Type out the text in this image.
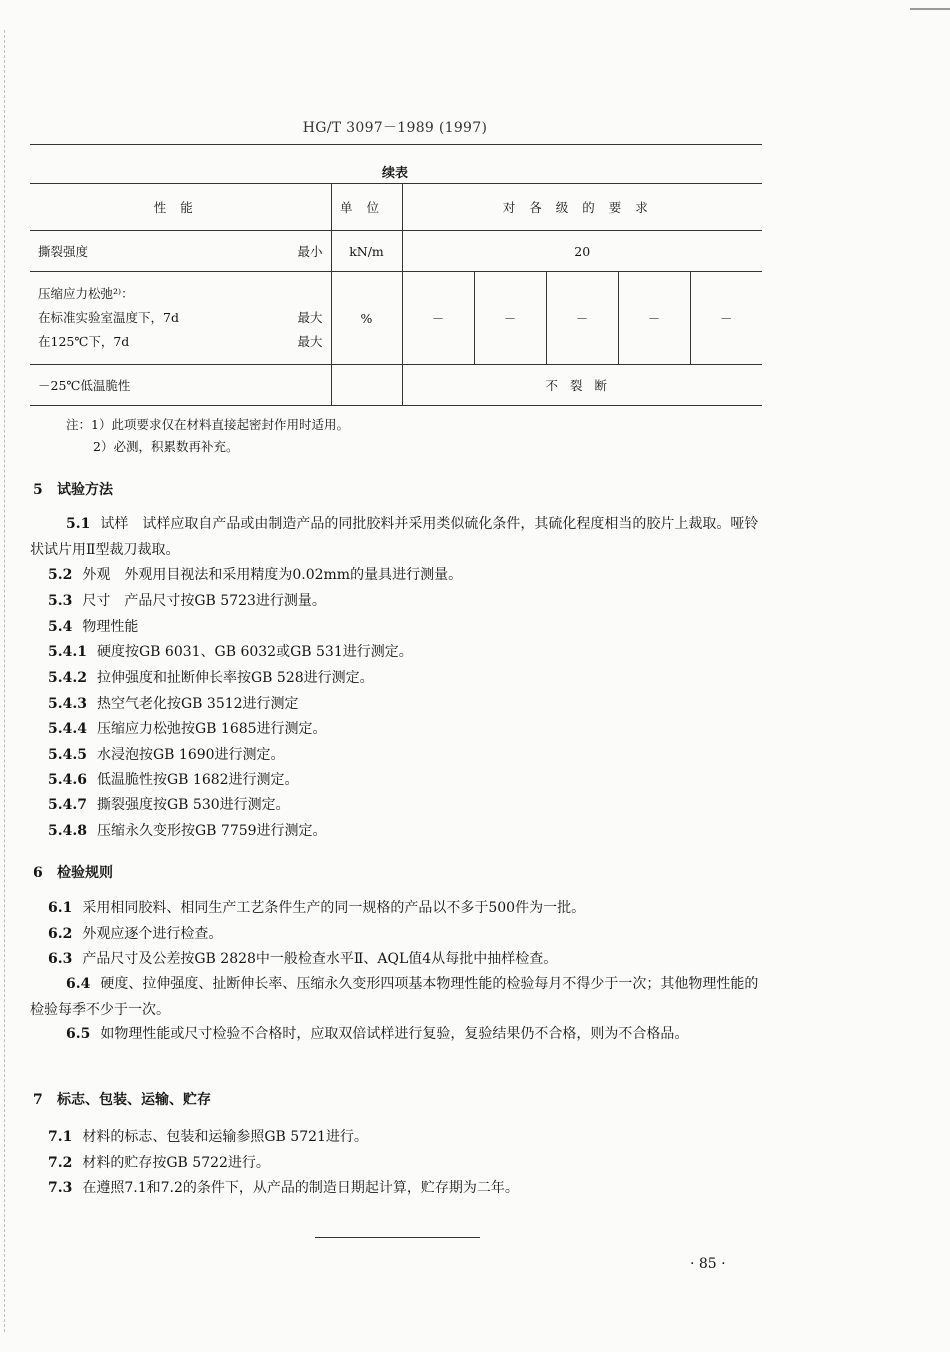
HG/T 3097－1989 (1997)
续表
性能	单位	对各级的要求				
撕裂强度 最小	kN/m	20				

压缩应力松弛²⁾：
在标准实验室温度下，7d 最大
在125℃下，7d 最大	%	－	－	－	－	－
－25℃低温脆性		不裂断				
注：1）此项要求仅在材料直接起密封作用时适用。
2）必测，积累数再补充。
5 试验方法
5.1 试样　试样应取自产品或由制造产品的同批胶料并采用类似硫化条件，其硫化程度相当的胶片上裁取。哑铃状试片用Ⅱ型裁刀裁取。
5.2 外观　外观用目视法和采用精度为0.02mm的量具进行测量。
5.3 尺寸　产品尺寸按GB 5723进行测量。
5.4 物理性能
5.4.1 硬度按GB 6031、GB 6032或GB 531进行测定。
5.4.2 拉伸强度和扯断伸长率按GB 528进行测定。
5.4.3 热空气老化按GB 3512进行测定
5.4.4 压缩应力松弛按GB 1685进行测定。
5.4.5 水浸泡按GB 1690进行测定。
5.4.6 低温脆性按GB 1682进行测定。
5.4.7 撕裂强度按GB 530进行测定。
5.4.8 压缩永久变形按GB 7759进行测定。
6 检验规则
6.1 采用相同胶料、相同生产工艺条件生产的同一规格的产品以不多于500件为一批。
6.2 外观应逐个进行检查。
6.3 产品尺寸及公差按GB 2828中一般检查水平Ⅱ、AQL值4从每批中抽样检查。
6.4 硬度、拉伸强度、扯断伸长率、压缩永久变形四项基本物理性能的检验每月不得少于一次；其他物理性能的检验每季不少于一次。
6.5 如物理性能或尺寸检验不合格时，应取双倍试样进行复验，复验结果仍不合格，则为不合格品。
7 标志、包装、运输、贮存
7.1 材料的标志、包装和运输参照GB 5721进行。
7.2 材料的贮存按GB 5722进行。
7.3 在遵照7.1和7.2的条件下，从产品的制造日期起计算，贮存期为二年。
· 85 ·
